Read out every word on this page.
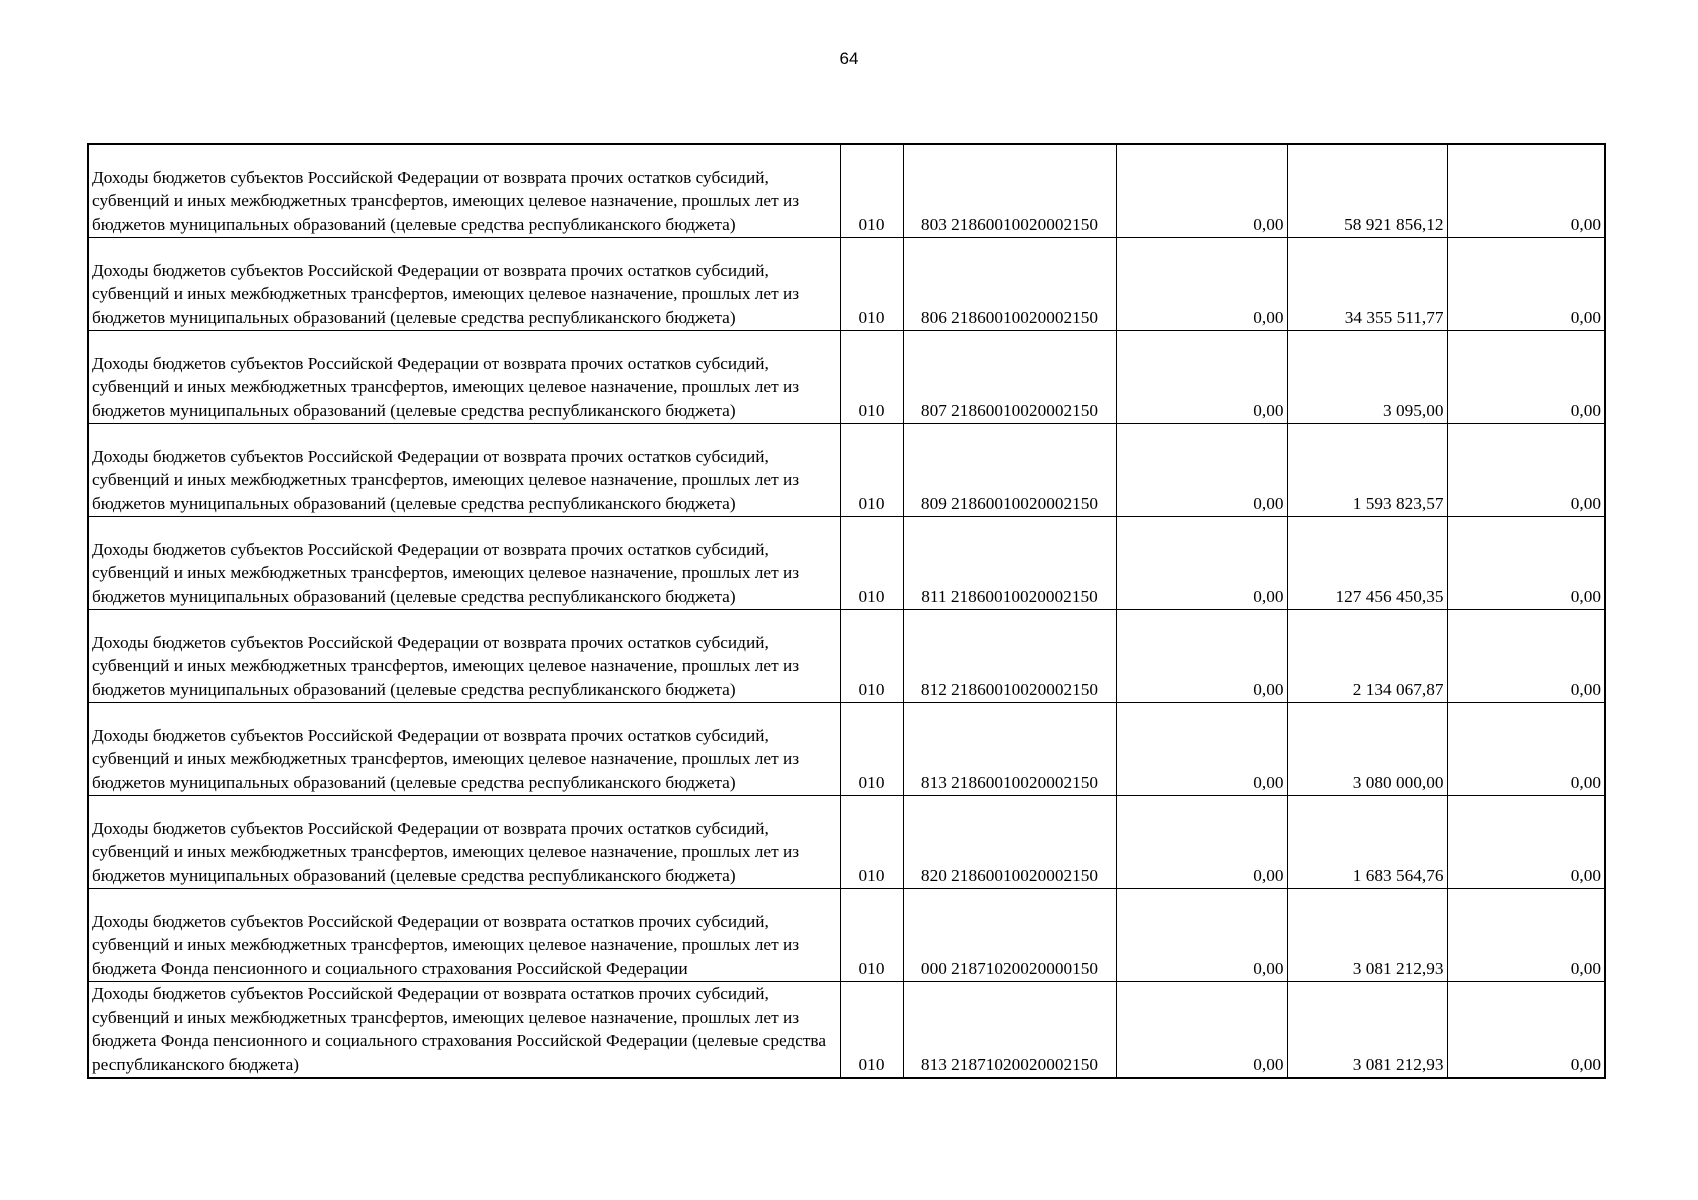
64
Доходы бюджетов субъектов Российской Федерации от возврата прочих остатков субсидий, субвенций и иных межбюджетных трансфертов, имеющих целевое назначение, прошлых лет из бюджетов муниципальных образований (целевые средства республиканского бюджета)	010	803 21860010020002150	0,00	58 921 856,12	0,00
Доходы бюджетов субъектов Российской Федерации от возврата прочих остатков субсидий, субвенций и иных межбюджетных трансфертов, имеющих целевое назначение, прошлых лет из бюджетов муниципальных образований (целевые средства республиканского бюджета)	010	806 21860010020002150	0,00	34 355 511,77	0,00
Доходы бюджетов субъектов Российской Федерации от возврата прочих остатков субсидий, субвенций и иных межбюджетных трансфертов, имеющих целевое назначение, прошлых лет из бюджетов муниципальных образований (целевые средства республиканского бюджета)	010	807 21860010020002150	0,00	3 095,00	0,00
Доходы бюджетов субъектов Российской Федерации от возврата прочих остатков субсидий, субвенций и иных межбюджетных трансфертов, имеющих целевое назначение, прошлых лет из бюджетов муниципальных образований (целевые средства республиканского бюджета)	010	809 21860010020002150	0,00	1 593 823,57	0,00
Доходы бюджетов субъектов Российской Федерации от возврата прочих остатков субсидий, субвенций и иных межбюджетных трансфертов, имеющих целевое назначение, прошлых лет из бюджетов муниципальных образований (целевые средства республиканского бюджета)	010	811 21860010020002150	0,00	127 456 450,35	0,00
Доходы бюджетов субъектов Российской Федерации от возврата прочих остатков субсидий, субвенций и иных межбюджетных трансфертов, имеющих целевое назначение, прошлых лет из бюджетов муниципальных образований (целевые средства республиканского бюджета)	010	812 21860010020002150	0,00	2 134 067,87	0,00
Доходы бюджетов субъектов Российской Федерации от возврата прочих остатков субсидий, субвенций и иных межбюджетных трансфертов, имеющих целевое назначение, прошлых лет из бюджетов муниципальных образований (целевые средства республиканского бюджета)	010	813 21860010020002150	0,00	3 080 000,00	0,00
Доходы бюджетов субъектов Российской Федерации от возврата прочих остатков субсидий, субвенций и иных межбюджетных трансфертов, имеющих целевое назначение, прошлых лет из бюджетов муниципальных образований (целевые средства республиканского бюджета)	010	820 21860010020002150	0,00	1 683 564,76	0,00
Доходы бюджетов субъектов Российской Федерации от возврата остатков прочих субсидий, субвенций и иных межбюджетных трансфертов, имеющих целевое назначение, прошлых лет из бюджета Фонда пенсионного и социального страхования Российской Федерации	010	000 21871020020000150	0,00	3 081 212,93	0,00
Доходы бюджетов субъектов Российской Федерации от возврата остатков прочих субсидий, субвенций и иных межбюджетных трансфертов, имеющих целевое назначение, прошлых лет из бюджета Фонда пенсионного и социального страхования Российской Федерации (целевые средства республиканского бюджета)	010	813 21871020020002150	0,00	3 081 212,93	0,00
